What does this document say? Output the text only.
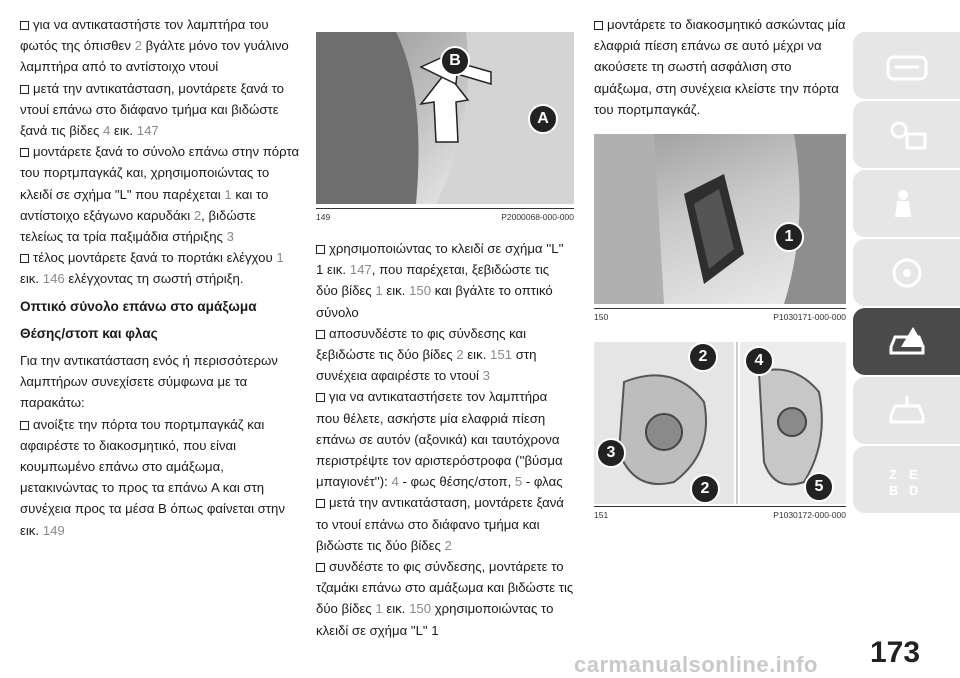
για να αντικαταστήστε τον λαμπτήρα του φωτός της όπισθεν 2 βγάλτε μόνο τον γυάλινο λαμπτήρα από το αντίστοιχο ντουί

μετά την αντικατάσταση, μοντάρετε ξανά το ντουί επάνω στο διάφανο τμήμα και βιδώστε ξανά τις βίδες 4 εικ. 147

μοντάρετε ξανά το σύνολο επάνω στην πόρτα του πορτμπαγκάζ και, χρησιμοποιώντας το κλειδί σε σχήμα "L" που παρέχεται 1 και το αντίστοιχο εξάγωνο καρυδάκι 2, βιδώστε τελείως τα τρία παξιμάδια στήριξης 3

τέλος μοντάρετε ξανά το πορτάκι ελέγχου 1 εικ. 146 ελέγχοντας τη σωστή στήριξη.

Οπτικό σύνολο επάνω στο αμάξωμα

Θέσης/στοπ και φλας

Για την αντικατάσταση ενός ή περισσότερων λαμπτήρων συνεχίσετε σύμφωνα με τα παρακάτω:

ανοίξτε την πόρτα του πορτμπαγκάζ και αφαιρέστε το διακοσμητικό, που είναι κουμπωμένο επάνω στο αμάξωμα, μετακινώντας το προς τα επάνω A και στη συνέχεια προς τα μέσα B όπως φαίνεται στην εικ. 149

B
A
149	P2000068-000-000

χρησιμοποιώντας το κλειδί σε σχήμα ''L'' 1 εικ. 147, που παρέχεται, ξεβιδώστε τις δύο βίδες 1 εικ. 150 και βγάλτε το οπτικό σύνολο

αποσυνδέστε το φις σύνδεσης και ξεβιδώστε τις δύο βίδες 2 εικ. 151 στη συνέχεια αφαιρέστε το ντουί 3

για να αντικαταστήσετε τον λαμπτήρα που θέλετε, ασκήστε μία ελαφριά πίεση επάνω σε αυτόν (αξονικά) και ταυτόχρονα περιστρέψτε τον αριστερόστροφα (''βύσμα μπαγιονέτ''): 4 - φως θέσης/στοπ, 5 - φλας

μετά την αντικατάσταση, μοντάρετε ξανά το ντουί επάνω στο διάφανο τμήμα και βιδώστε τις δύο βίδες 2

συνδέστε το φις σύνδεσης, μοντάρετε το τζαμάκι επάνω στο αμάξωμα και βιδώστε τις δύο βίδες 1 εικ. 150 χρησιμοποιώντας το κλειδί σε σχήμα "L" 1

μοντάρετε το διακοσμητικό ασκώντας μία ελαφριά πίεση επάνω σε αυτό μέχρι να ακούσετε τη σωστή ασφάλιση στο αμάξωμα, στη συνέχεια κλείστε την πόρτα του πορτμπαγκάζ.

1
150	P1030171-000-000
2
3
2
4
5
151	P1030172-000-000
Z E
B D
173
carmanualsonline.info
